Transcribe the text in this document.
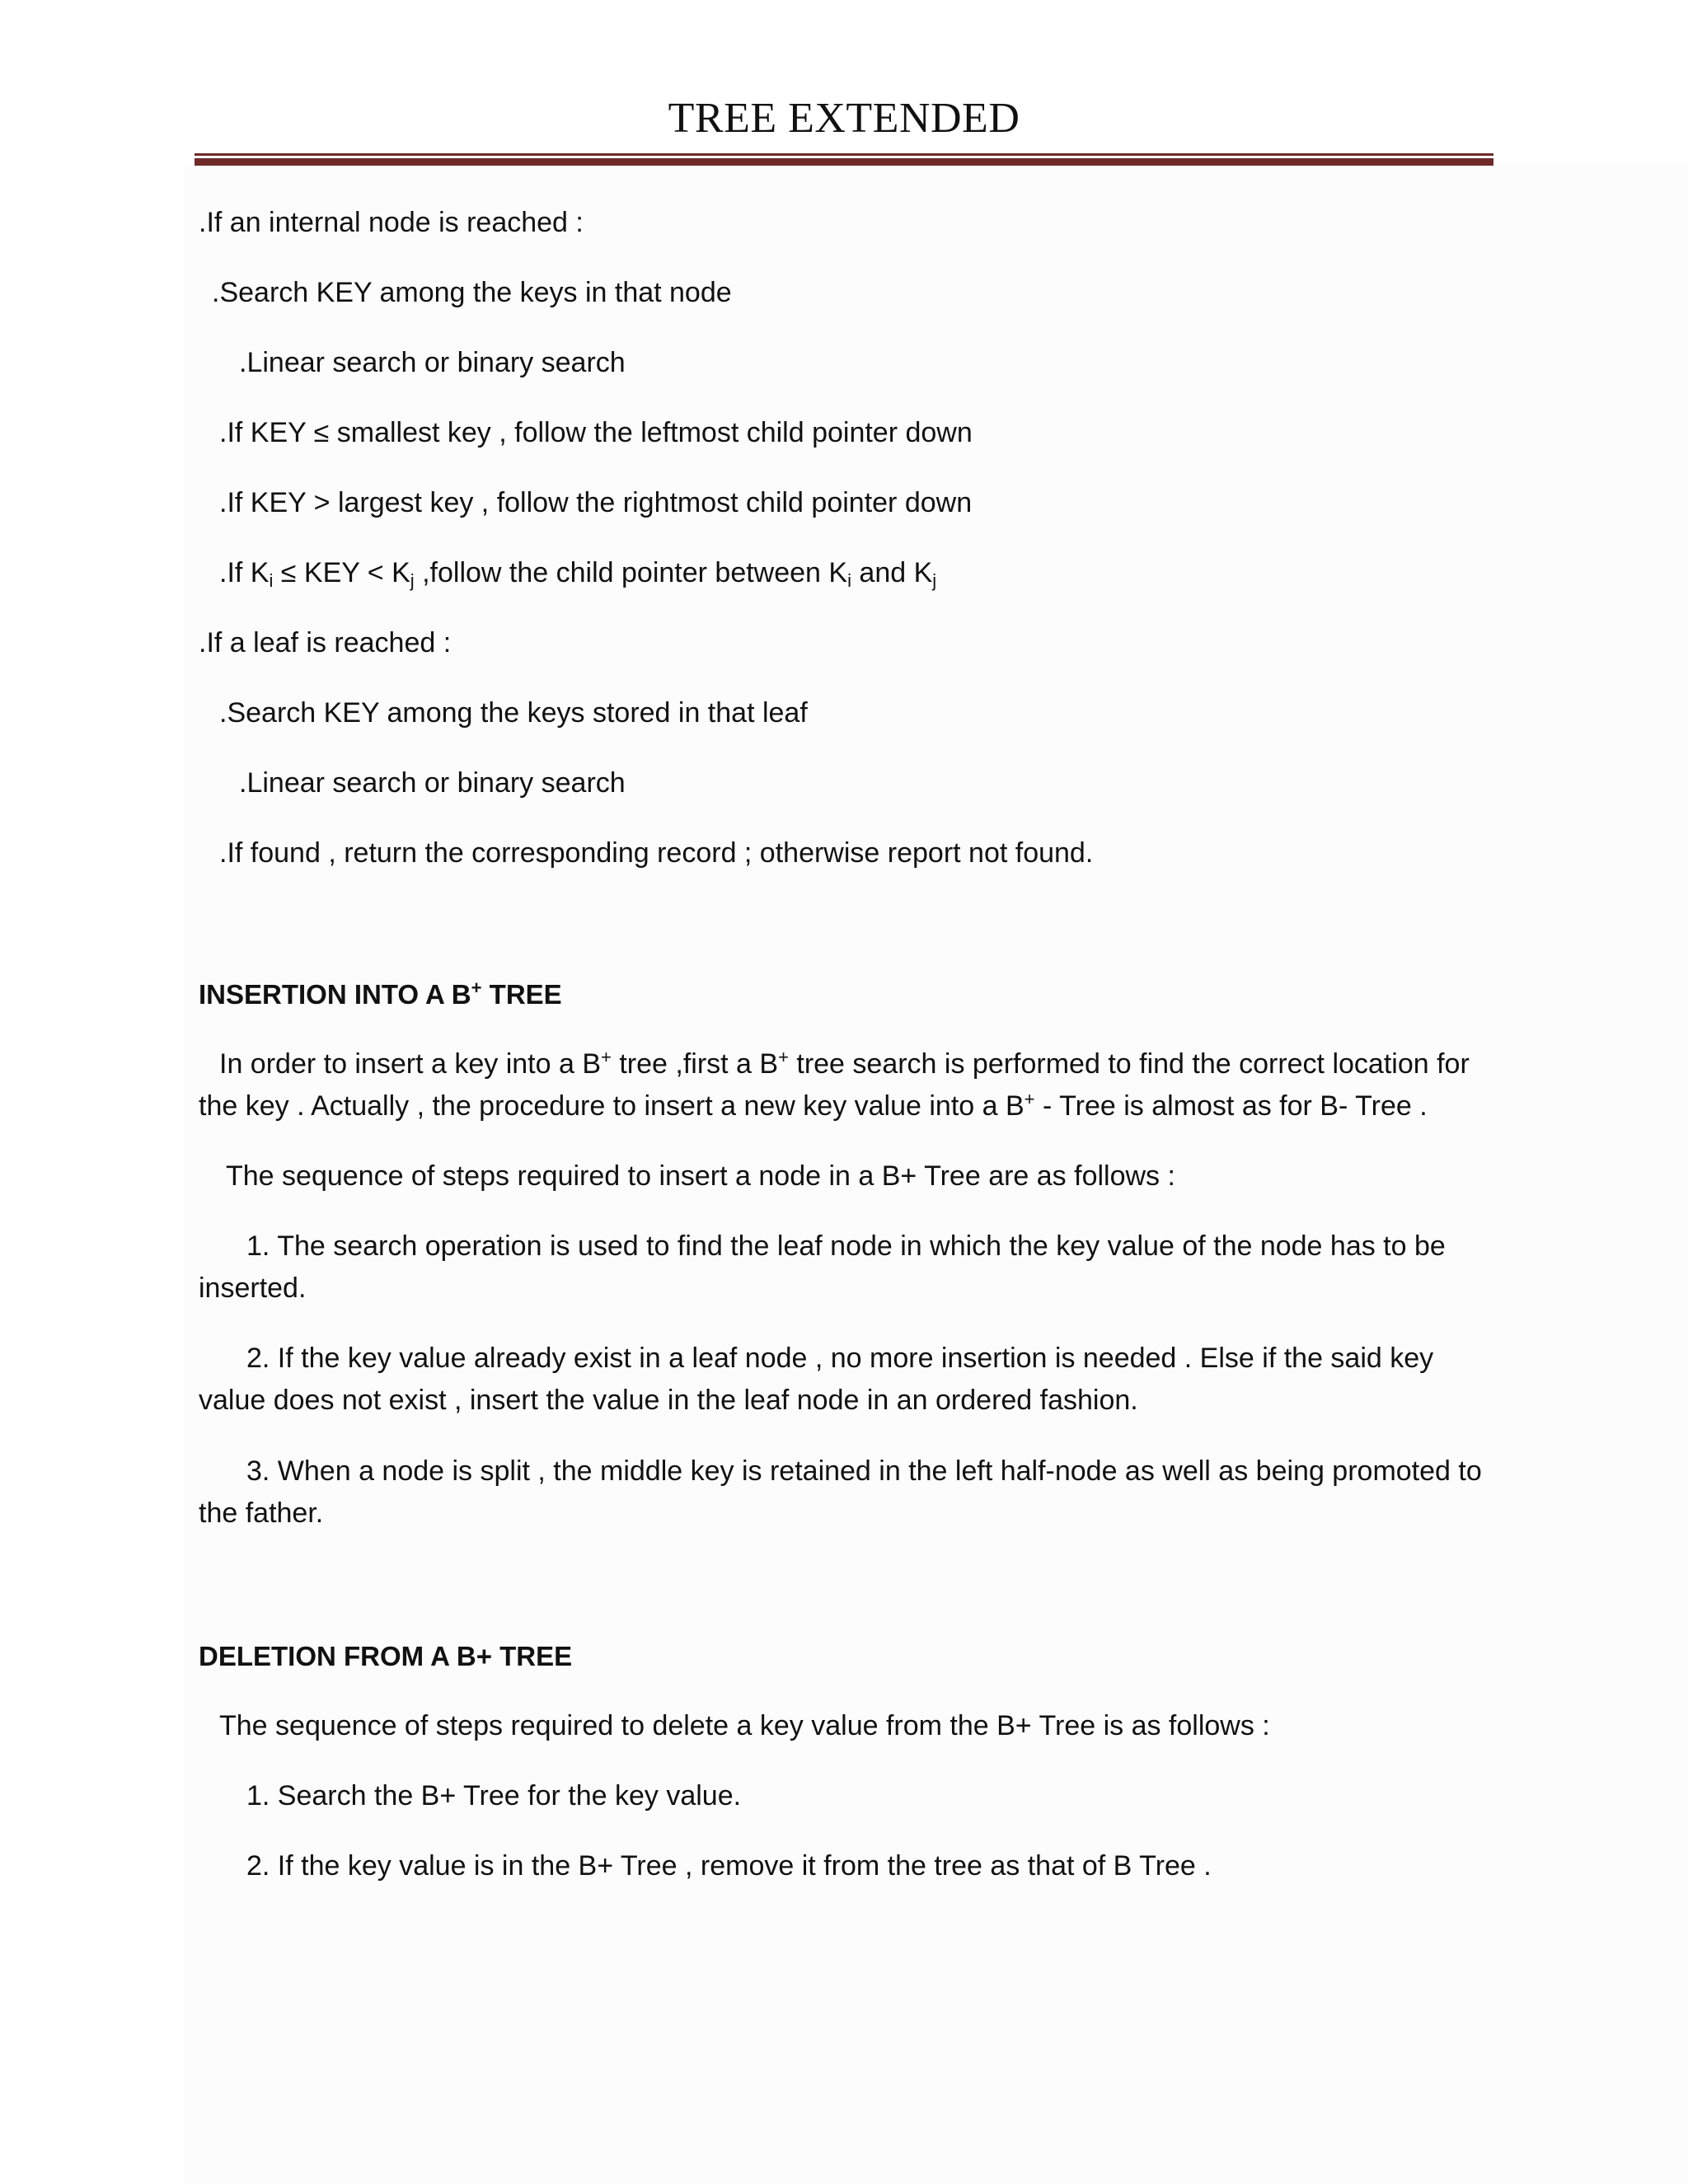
TREE EXTENDED

.If an internal node is reached :

.Search KEY among the keys in that node

.Linear search or binary search

.If KEY ≤ smallest key , follow the leftmost child pointer down

.If KEY > largest key , follow the rightmost child pointer down

.If $K_i$ ≤ KEY < $K_j$ ,follow the child pointer between $K_i$ and $K_j$

.If a leaf is reached :

.Search KEY among the keys stored in that leaf

.Linear search or binary search

.If found , return the corresponding record ; otherwise report not found.

INSERTION INTO A B+ TREE

In order to insert a key into a B+ tree ,first a B+ tree search is performed to find the correct location for the key . Actually , the procedure to insert a new key value into a B+ - Tree is almost as for B- Tree .

The sequence of steps required to insert a node in a B+ Tree are as follows :

1. The search operation is used to find the leaf node in which the key value of the node has to be inserted.

2. If the key value already exist in a leaf node , no more insertion is needed . Else if the said key value does not exist , insert the value in the leaf node in an ordered fashion.

3. When a node is split , the middle key is retained in the left half-node as well as being promoted to the father.

DELETION FROM A B+ TREE

The sequence of steps required to delete a key value from the B+ Tree is as follows :

1. Search the B+ Tree for the key value.

2. If the key value is in the B+ Tree , remove it from the tree as that of B Tree .
